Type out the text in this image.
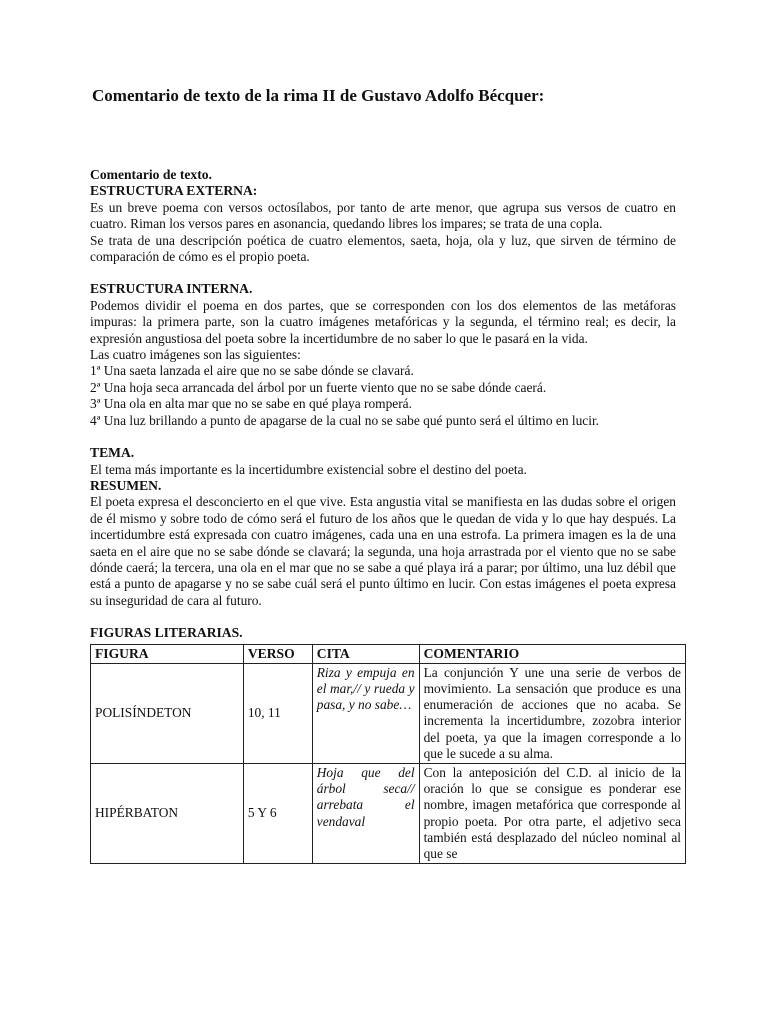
Comentario de texto de la rima II de Gustavo Adolfo Bécquer:

Comentario de texto.

ESTRUCTURA EXTERNA:

Es un breve poema con versos octosílabos, por tanto de arte menor, que agrupa sus versos de cuatro en cuatro. Riman los versos pares en asonancia, quedando libres los impares; se trata de una copla.

Se trata de una descripción poética de cuatro elementos, saeta, hoja, ola y luz, que sirven de término de comparación de cómo es el propio poeta.

ESTRUCTURA INTERNA.

Podemos dividir el poema en dos partes, que se corresponden con los dos elementos de las metáforas impuras: la primera parte, son la cuatro imágenes metafóricas y la segunda, el término real; es decir, la expresión angustiosa del poeta sobre la incertidumbre de no saber lo que le pasará en la vida.

Las cuatro imágenes son las siguientes:

1ª Una saeta lanzada el aire que no se sabe dónde se clavará.

2ª Una hoja seca arrancada del árbol por un fuerte viento que no se sabe dónde caerá.

3ª Una ola en alta mar que no se sabe en qué playa romperá.

4ª Una luz brillando a punto de apagarse de la cual no se sabe qué punto será el último en lucir.

TEMA.

El tema más importante es la incertidumbre existencial sobre el destino del poeta.

RESUMEN.

El poeta expresa el desconcierto en el que vive. Esta angustia vital se manifiesta en las dudas sobre el origen de él mismo y sobre todo de cómo será el futuro de los años que le quedan de vida y lo que hay después. La incertidumbre está expresada con cuatro imágenes, cada una en una estrofa. La primera imagen es la de una saeta en el aire que no se sabe dónde se clavará; la segunda, una hoja arrastrada por el viento que no se sabe dónde caerá; la tercera, una ola en el mar que no se sabe a qué playa irá a parar; por último, una luz débil que está a punto de apagarse y no se sabe cuál será el punto último en lucir. Con estas imágenes el poeta expresa su inseguridad de cara al futuro.

FIGURAS LITERARIAS.

FIGURA	VERSO	CITA	COMENTARIO
POLISÍNDETON	10, 11	Riza y empuja en el mar,// y rueda y pasa, y no sabe…	La conjunción Y une una serie de verbos de movimiento. La sensación que produce es una enumeración de acciones que no acaba. Se incrementa la incertidumbre, zozobra interior del poeta, ya que la imagen corresponde a lo que le sucede a su alma.
HIPÉRBATON	5 Y 6	Hoja que del árbol seca// arrebata el vendaval	Con la anteposición del C.D. al inicio de la oración lo que se consigue es ponderar ese nombre, imagen metafórica que corresponde al propio poeta. Por otra parte, el adjetivo seca también está desplazado del núcleo nominal al que se
